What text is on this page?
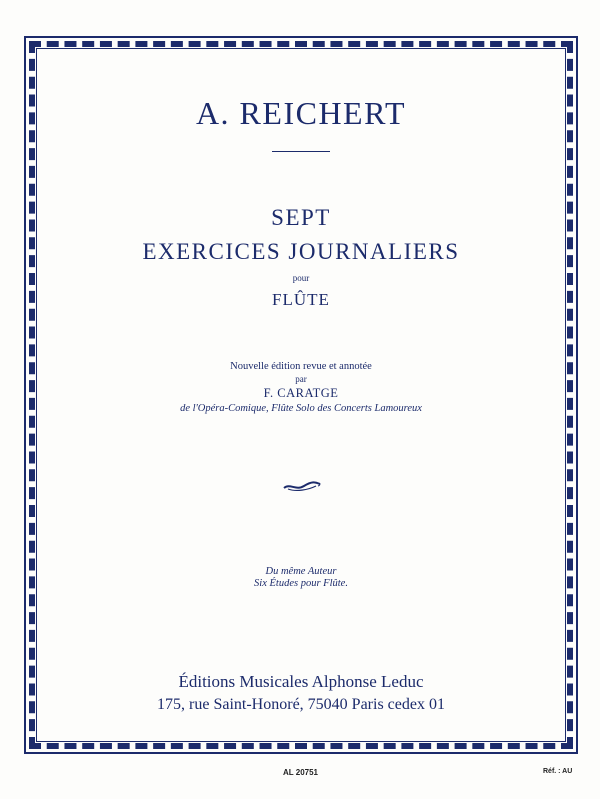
A. REICHERT
SEPT
EXERCICES JOURNALIERS
pour
FLÛTE
Nouvelle édition revue et annotée
par
F. CARATGE
de l'Opéra-Comique, Flûte Solo des Concerts Lamoureux
Du même Auteur
Six Études pour Flûte.
Éditions Musicales Alphonse Leduc
175, rue Saint-Honoré, 75040 Paris cedex 01
AL 20751	Réf. : AU
